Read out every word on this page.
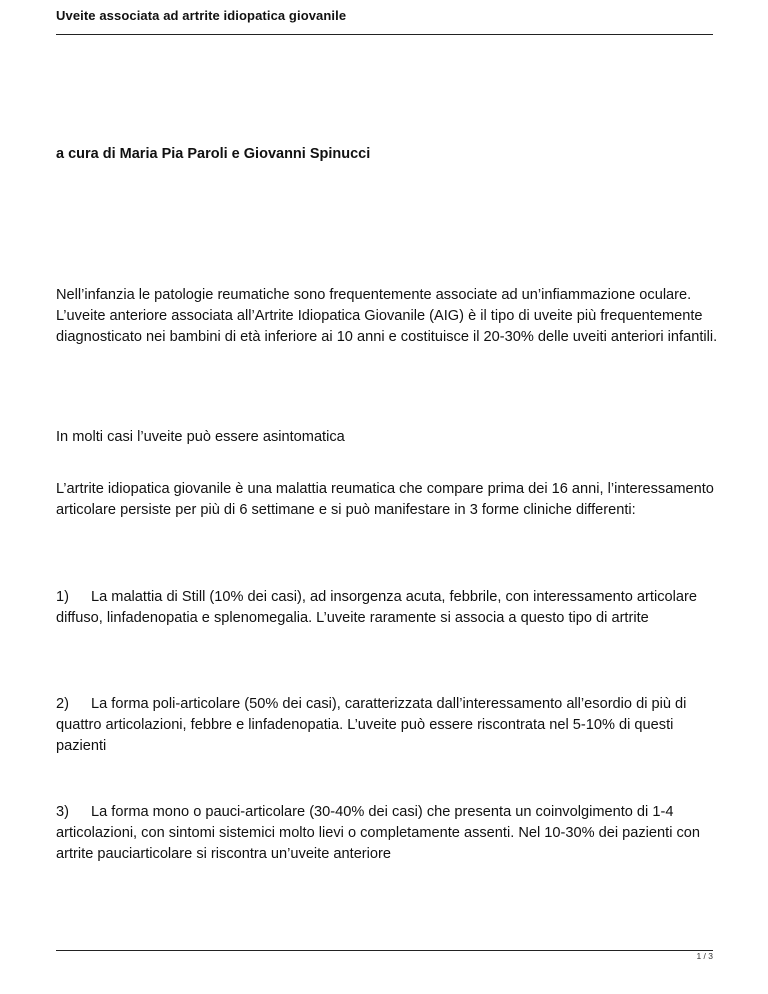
Uveite associata ad artrite idiopatica giovanile
a cura di Maria Pia Paroli e Giovanni Spinucci

Nell’infanzia le patologie reumatiche sono frequentemente associate ad un’infiammazione oculare. L’uveite anteriore associata all’Artrite Idiopatica Giovanile (AIG) è il tipo di uveite più frequentemente diagnosticato nei bambini di età inferiore ai 10 anni e costituisce il 20-30% delle uveiti anteriori infantili.

In molti casi l’uveite può essere asintomatica

L’artrite idiopatica giovanile è una malattia reumatica che compare prima dei 16 anni, l’interessamento articolare persiste per più di 6 settimane e si può manifestare in 3 forme cliniche differenti:

1) La malattia di Still (10% dei casi), ad insorgenza acuta, febbrile, con interessamento articolare diffuso, linfadenopatia e splenomegalia. L’uveite raramente si associa a questo tipo di artrite

2) La forma poli-articolare (50% dei casi), caratterizzata dall’interessamento all’esordio di più di quattro articolazioni, febbre e linfadenopatia. L’uveite può essere riscontrata nel 5-10% di questi pazienti

3) La forma mono o pauci-articolare (30-40% dei casi) che presenta un coinvolgimento di 1-4 articolazioni, con sintomi sistemici molto lievi o completamente assenti. Nel 10-30% dei pazienti con artrite pauciarticolare si riscontra un’uveite anteriore

1 / 3
